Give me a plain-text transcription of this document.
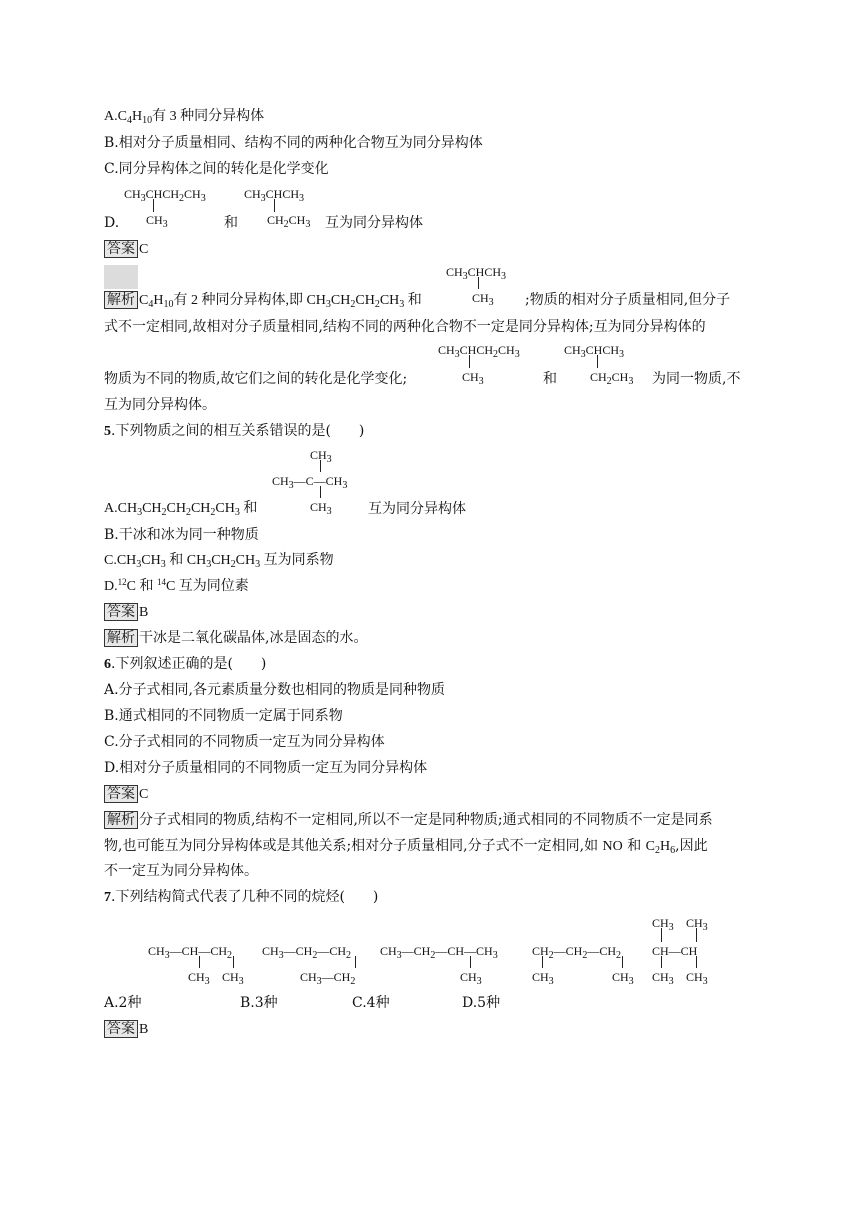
$A.C_4H_{10}$有 3 种同分异构体
B.相对分子质量相同、结构不同的两种化合物互为同分异构体
C.同分异构体之间的转化是化学变化
$CH_3CHCH_2CH_3$
$CH_3$
$CH_3CHCH_3$
$CH_2CH_3$
D.	和	互为同分异构体
答案 C
$CH_3CHCH_3$
$CH_3$
解析 $C_4H_{10}$有 2 种同分异构体,即 $CH_3CH_2CH_2CH_3$ 和	;物质的相对分子质量相同,但分子
式不一定相同,故相对分子质量相同,结构不同的两种化合物不一定是同分异构体;互为同分异构体的
$CH_3CHCH_2CH_3$
$CH_3$
$CH_3CHCH_3$
$CH_2CH_3$
物质为不同的物质,故它们之间的转化是化学变化;	和	为同一物质,不
互为同分异构体。
5.下列物质之间的相互关系错误的是(　　)
$CH_3$
$CH_3—C—CH_3$
$CH_3$
$A.CH_3CH_2CH_2CH_2CH_3$ 和	互为同分异构体
B.干冰和冰为同一种物质
$C.CH_3CH_3$ 和 $CH_3CH_2CH_3$ 互为同系物
D.$^{12}$C 和 $^{14}$C 互为同位素
答案 B
解析 干冰是二氧化碳晶体,冰是固态的水。
6.下列叙述正确的是(　　)
A.分子式相同,各元素质量分数也相同的物质是同种物质
B.通式相同的不同物质一定属于同系物
C.分子式相同的不同物质一定互为同分异构体
D.相对分子质量相同的不同物质一定互为同分异构体
答案 C
解析 分子式相同的物质,结构不一定相同,所以不一定是同种物质;通式相同的不同物质不一定是同系
物,也可能互为同分异构体或是其他关系;相对分子质量相同,分子式不一定相同,如 NO 和 $C_2H_6$,因此
不一定互为同分异构体。
7.下列结构简式代表了几种不同的烷烃(　　)
$CH_3—CH—CH_2$
$CH_3$ $CH_3$
$CH_3—CH_2—CH_2$
$CH_3—CH_2$
$CH_3—CH_2—CH—CH_3$
$CH_3$
$CH_2—CH_2—CH_2$
$CH_3$	$CH_3$
$CH_3$ $CH_3$
CH—CH
$CH_3$ $CH_3$
A.2种	B.3种	C.4种	D.5种
答案 B
